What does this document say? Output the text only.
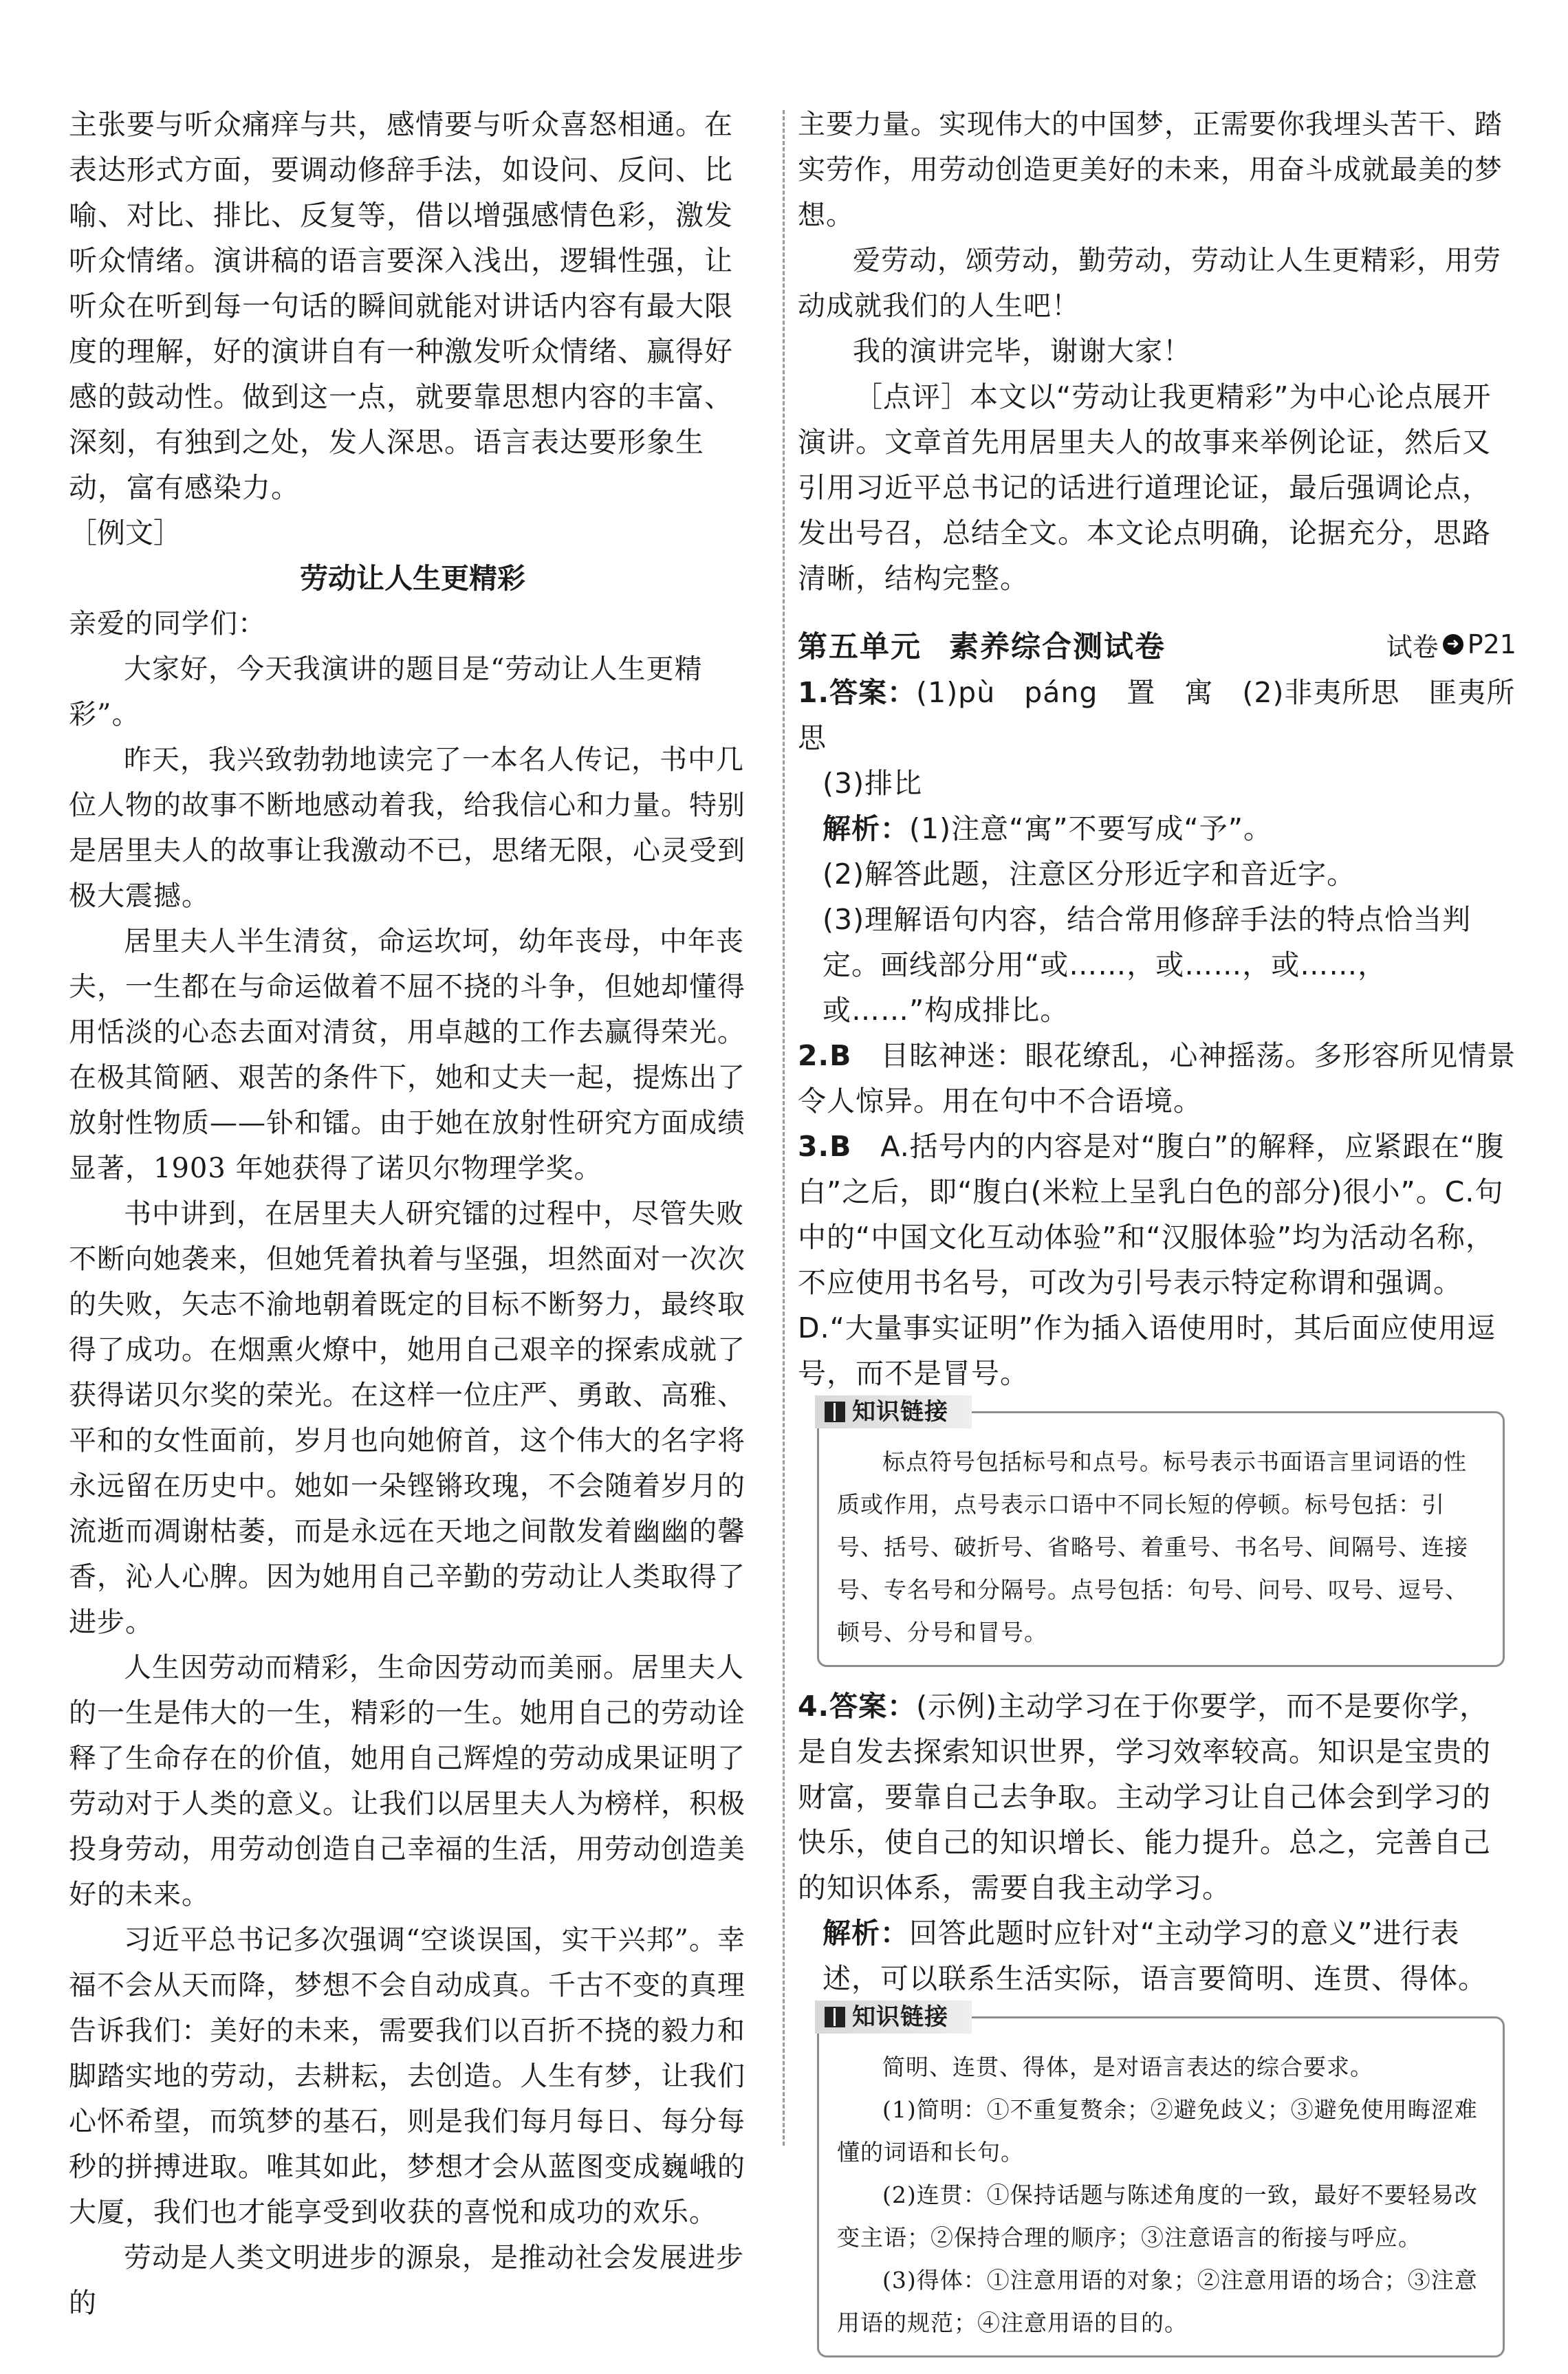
主张要与听众痛痒与共，感情要与听众喜怒相通。在表达形式方面，要调动修辞手法，如设问、反问、比喻、对比、排比、反复等，借以增强感情色彩，激发听众情绪。演讲稿的语言要深入浅出，逻辑性强，让听众在听到每一句话的瞬间就能对讲话内容有最大限度的理解，好的演讲自有一种激发听众情绪、赢得好感的鼓动性。做到这一点，就要靠思想内容的丰富、深刻，有独到之处，发人深思。语言表达要形象生动，富有感染力。

［例文］

劳动让人生更精彩

亲爱的同学们：

大家好，今天我演讲的题目是“劳动让人生更精彩”。

昨天，我兴致勃勃地读完了一本名人传记，书中几位人物的故事不断地感动着我，给我信心和力量。特别是居里夫人的故事让我激动不已，思绪无限，心灵受到极大震撼。

居里夫人半生清贫，命运坎坷，幼年丧母，中年丧夫，一生都在与命运做着不屈不挠的斗争，但她却懂得用恬淡的心态去面对清贫，用卓越的工作去赢得荣光。在极其简陋、艰苦的条件下，她和丈夫一起，提炼出了放射性物质——钋和镭。由于她在放射性研究方面成绩显著，1903 年她获得了诺贝尔物理学奖。

书中讲到，在居里夫人研究镭的过程中，尽管失败不断向她袭来，但她凭着执着与坚强，坦然面对一次次的失败，矢志不渝地朝着既定的目标不断努力，最终取得了成功。在烟熏火燎中，她用自己艰辛的探索成就了获得诺贝尔奖的荣光。在这样一位庄严、勇敢、高雅、平和的女性面前，岁月也向她俯首，这个伟大的名字将永远留在历史中。她如一朵铿锵玫瑰，不会随着岁月的流逝而凋谢枯萎，而是永远在天地之间散发着幽幽的馨香，沁人心脾。因为她用自己辛勤的劳动让人类取得了进步。

人生因劳动而精彩，生命因劳动而美丽。居里夫人的一生是伟大的一生，精彩的一生。她用自己的劳动诠释了生命存在的价值，她用自己辉煌的劳动成果证明了劳动对于人类的意义。让我们以居里夫人为榜样，积极投身劳动，用劳动创造自己幸福的生活，用劳动创造美好的未来。

习近平总书记多次强调“空谈误国，实干兴邦”。幸福不会从天而降，梦想不会自动成真。千古不变的真理告诉我们：美好的未来，需要我们以百折不挠的毅力和脚踏实地的劳动，去耕耘，去创造。人生有梦，让我们心怀希望，而筑梦的基石，则是我们每月每日、每分每秒的拼搏进取。唯其如此，梦想才会从蓝图变成巍峨的大厦，我们也才能享受到收获的喜悦和成功的欢乐。

劳动是人类文明进步的源泉，是推动社会发展进步的

主要力量。实现伟大的中国梦，正需要你我埋头苦干、踏实劳作，用劳动创造更美好的未来，用奋斗成就最美的梦想。

爱劳动，颂劳动，勤劳动，劳动让人生更精彩，用劳动成就我们的人生吧！

我的演讲完毕，谢谢大家！

［点评］本文以“劳动让我更精彩”为中心论点展开演讲。文章首先用居里夫人的故事来举例论证，然后又引用习近平总书记的话进行道理论证，最后强调论点，发出号召，总结全文。本文论点明确，论据充分，思路清晰，结构完整。

第五单元 素养综合测试卷	试卷 ➜ P21

1.答案：(1)pù　páng　置　寓　(2)非夷所思　匪夷所思

(3)排比

解析：(1)注意“寓”不要写成“予”。

(2)解答此题，注意区分形近字和音近字。

(3)理解语句内容，结合常用修辞手法的特点恰当判定。画线部分用“或……，或……，或……，或……”构成排比。

2.B　 目眩神迷：眼花缭乱，心神摇荡。多形容所见情景令人惊异。用在句中不合语境。

3.B　 A.括号内的内容是对“腹白”的解释，应紧跟在“腹白”之后，即“腹白(米粒上呈乳白色的部分)很小”。C.句中的“中国文化互动体验”和“汉服体验”均为活动名称，不应使用书名号，可改为引号表示特定称谓和强调。D.“大量事实证明”作为插入语使用时，其后面应使用逗号，而不是冒号。

知识链接

标点符号包括标号和点号。标号表示书面语言里词语的性质或作用，点号表示口语中不同长短的停顿。标号包括：引号、括号、破折号、省略号、着重号、书名号、间隔号、连接号、专名号和分隔号。点号包括：句号、问号、叹号、逗号、顿号、分号和冒号。

4.答案：(示例)主动学习在于你要学，而不是要你学，是自发去探索知识世界，学习效率较高。知识是宝贵的财富，要靠自己去争取。主动学习让自己体会到学习的快乐，使自己的知识增长、能力提升。总之，完善自己的知识体系，需要自我主动学习。

解析：回答此题时应针对“主动学习的意义”进行表述，可以联系生活实际，语言要简明、连贯、得体。

知识链接

简明、连贯、得体，是对语言表达的综合要求。

(1)简明：①不重复赘余；②避免歧义；③避免使用晦涩难懂的词语和长句。

(2)连贯：①保持话题与陈述角度的一致，最好不要轻易改变主语；②保持合理的顺序；③注意语言的衔接与呼应。

(3)得体：①注意用语的对象；②注意用语的场合；③注意用语的规范；④注意用语的目的。
